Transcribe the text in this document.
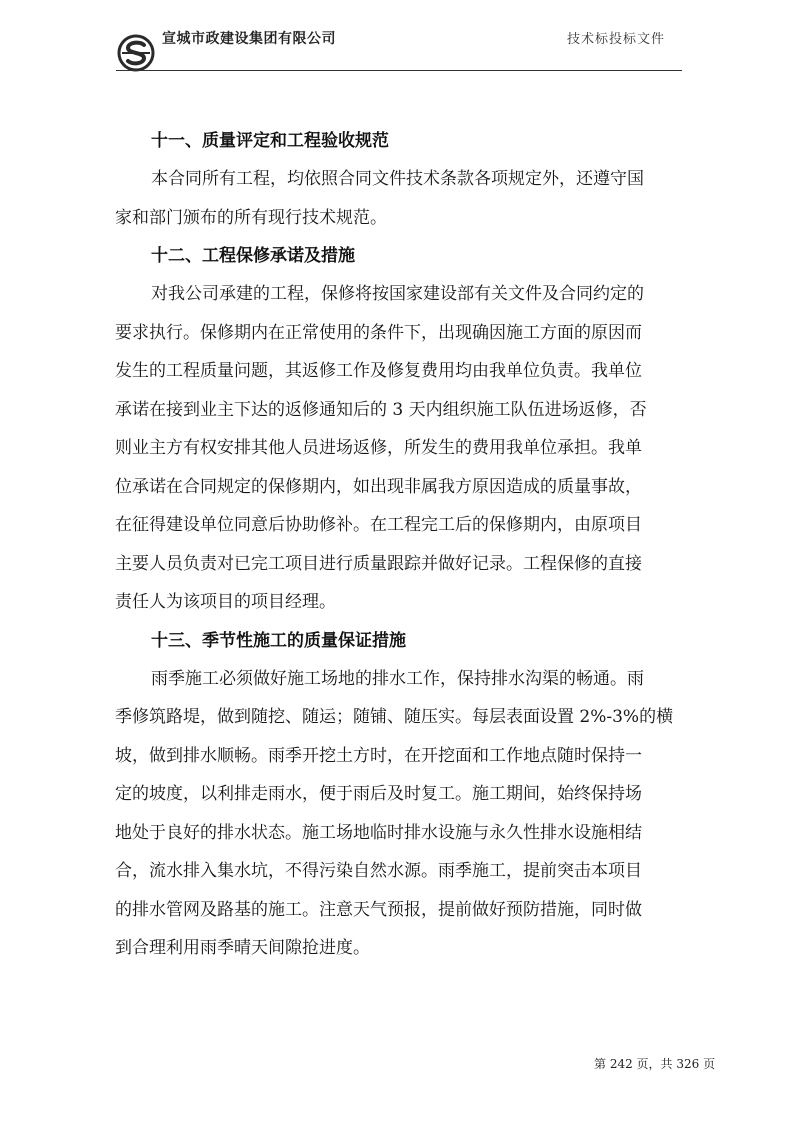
宣城市政建设集团有限公司	技术标投标文件
十一、质量评定和工程验收规范

本合同所有工程，均依照合同文件技术条款各项规定外，还遵守国
家和部门颁布的所有现行技术规范。

十二、工程保修承诺及措施

对我公司承建的工程，保修将按国家建设部有关文件及合同约定的
要求执行。保修期内在正常使用的条件下，出现确因施工方面的原因而
发生的工程质量问题，其返修工作及修复费用均由我单位负责。我单位
承诺在接到业主下达的返修通知后的 3 天内组织施工队伍进场返修，否
则业主方有权安排其他人员进场返修，所发生的费用我单位承担。我单
位承诺在合同规定的保修期内，如出现非属我方原因造成的质量事故，
在征得建设单位同意后协助修补。在工程完工后的保修期内，由原项目
主要人员负责对已完工项目进行质量跟踪并做好记录。工程保修的直接
责任人为该项目的项目经理。

十三、季节性施工的质量保证措施

雨季施工必须做好施工场地的排水工作，保持排水沟渠的畅通。雨
季修筑路堤，做到随挖、随运；随铺、随压实。每层表面设置 2%-3%的横
坡，做到排水顺畅。雨季开挖土方时，在开挖面和工作地点随时保持一
定的坡度，以利排走雨水，便于雨后及时复工。施工期间，始终保持场
地处于良好的排水状态。施工场地临时排水设施与永久性排水设施相结
合，流水排入集水坑，不得污染自然水源。雨季施工，提前突击本项目
的排水管网及路基的施工。注意天气预报，提前做好预防措施，同时做
到合理利用雨季晴天间隙抢进度。

第 242 页，共 326 页
